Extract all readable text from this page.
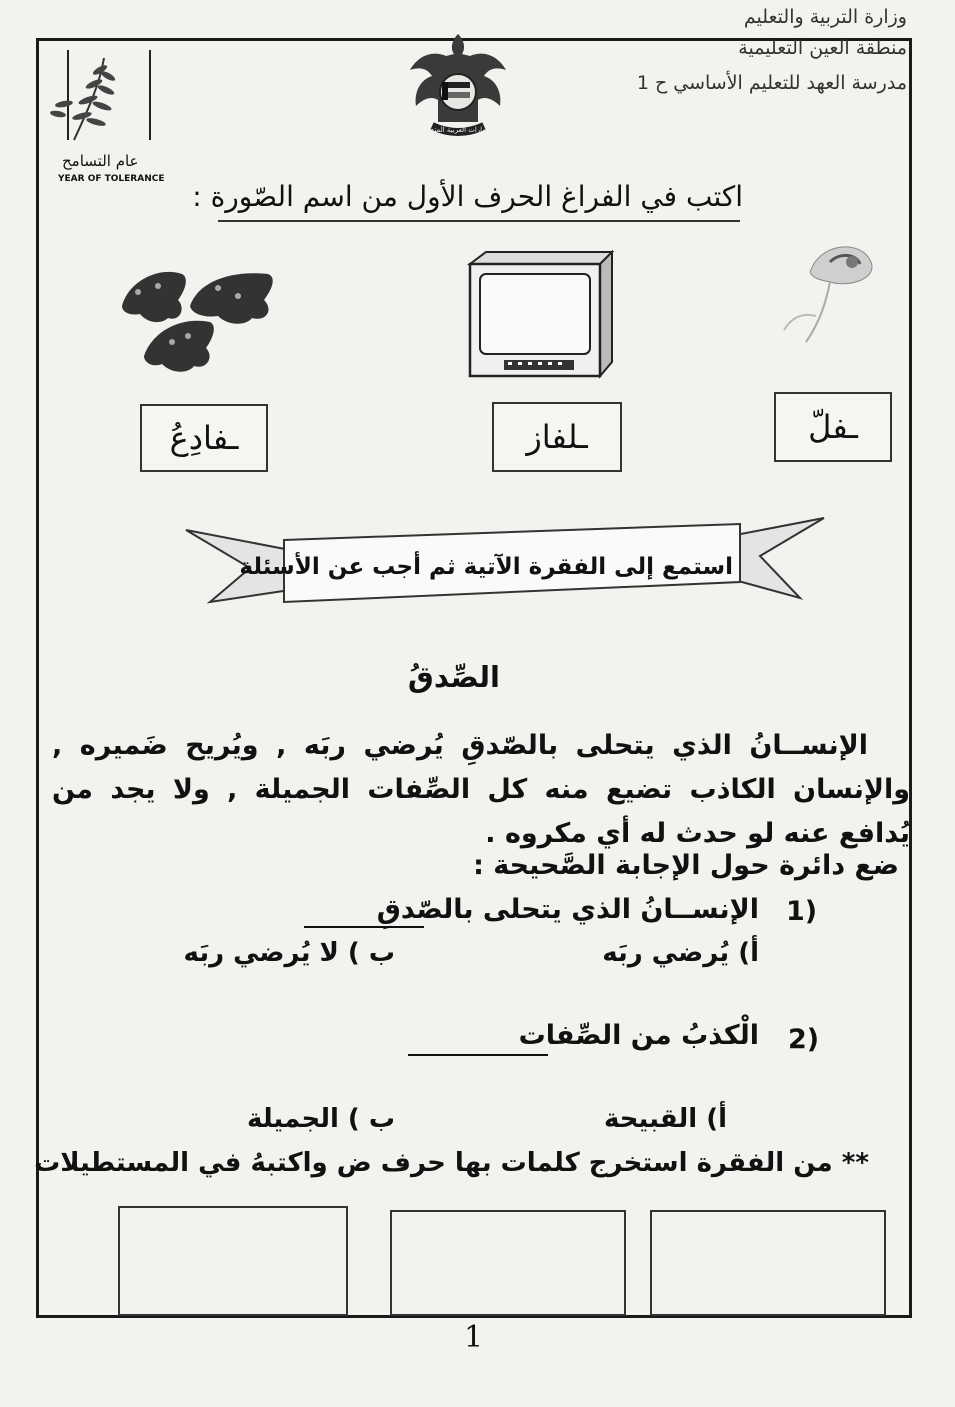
وزارة التربية والتعليم
منطقة العين التعليمية
مدرسة العهد للتعليم الأساسي ح 1
عام التسامح
YEAR OF TOLERANCE
الإمارات العربية المتحدة
اكتب في الفراغ الحرف الأول من اسم الصّورة :
ـفلّ
ـلفاز
ـفادِعُ
استمع إلى الفقرة الآتية ثم أجب عن الأسئلة
الصِّدقُ
الإنســانُ الذي يتحلى بالصّدقِ يُرضي ربَه , ويُريح ضَميره , والإنسان الكاذب تضيع منه كل الصِّفات الجميلة , ولا يجد من يُدافع عنه لو حدث له أي مكروه .
ضع دائرة حول الإجابة الصَّحيحة :
1)
الإنســانُ الذي يتحلى بالصّدقِ
أ) يُرضي ربَه
ب ) لا يُرضي ربَه
2)
الْكذبُ من الصِّفات
أ) القبيحة
ب ) الجميلة
** من الفقرة استخرج كلمات بها حرف ض واكتبهُ في المستطيلات
1
